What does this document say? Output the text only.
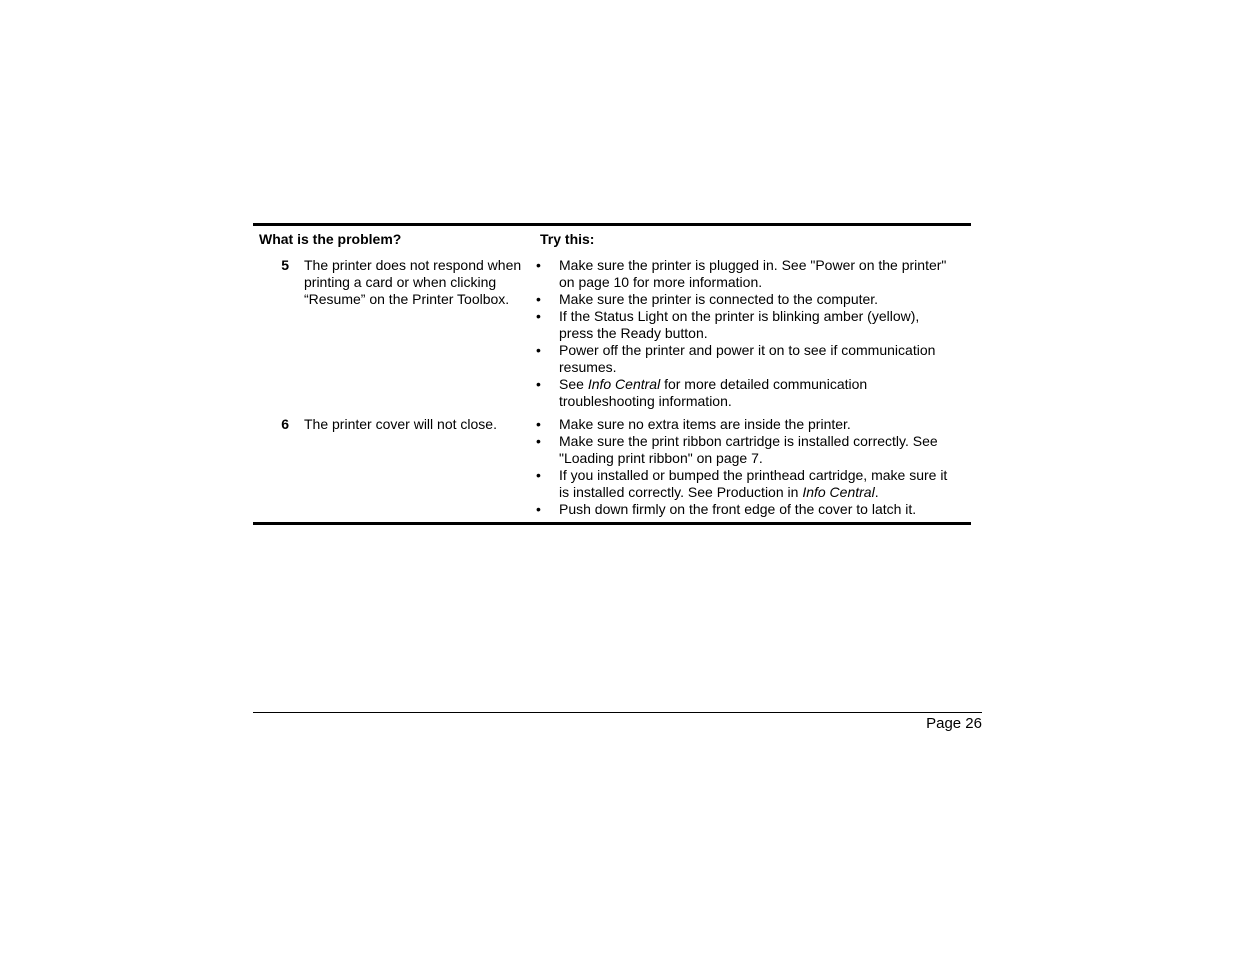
What is the problem?	Try this:
5 The printer does not respond when printing a card or when clicking “Resume” on the Printer Toolbox.
• Make sure the printer is plugged in. See "Power on the printer" on page 10 for more information.
• Make sure the printer is connected to the computer.
• If the Status Light on the printer is blinking amber (yellow), press the Ready button.
• Power off the printer and power it on to see if communication resumes.
• See Info Central for more detailed communication troubleshooting information.
6 The printer cover will not close.	• Make sure no extra items are inside the printer.
• Make sure the print ribbon cartridge is installed correctly. See "Loading print ribbon" on page 7.
• If you installed or bumped the printhead cartridge, make sure it is installed correctly. See Production in Info Central.
• Push down firmly on the front edge of the cover to latch it.
Page 26
